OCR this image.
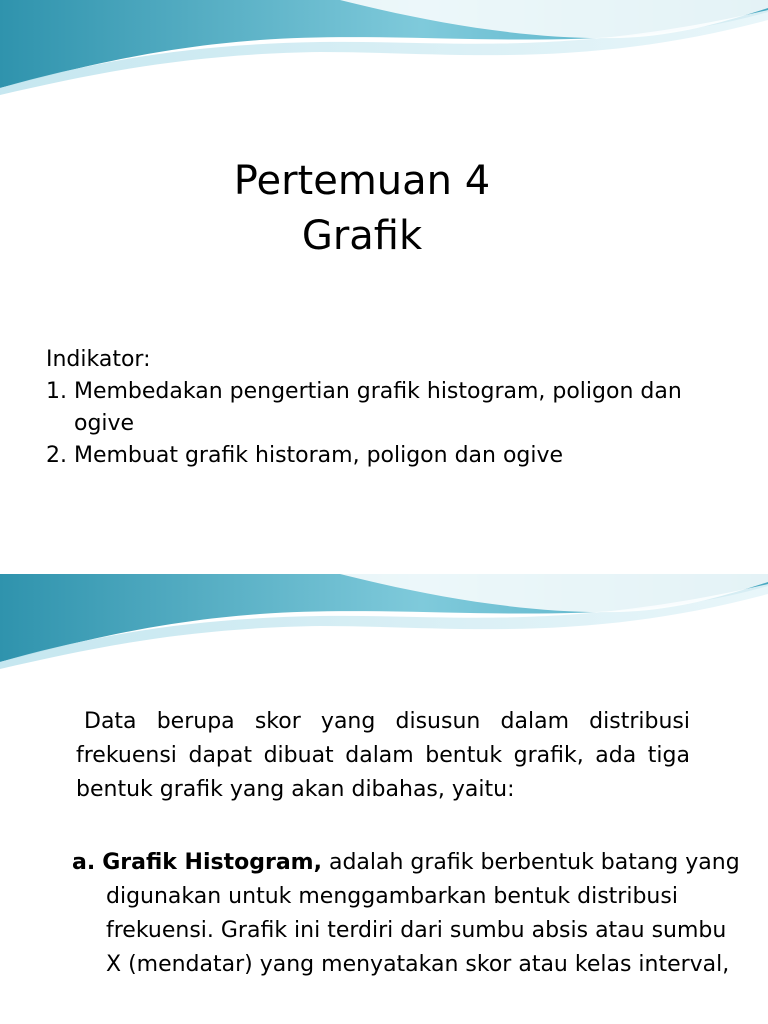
Pertemuan 4
Grafik
Indikator:
1. Membedakan pengertian grafik histogram, poligon dan ogive
2. Membuat grafik historam, poligon dan ogive
Data berupa skor yang disusun dalam distribusi frekuensi dapat dibuat dalam bentuk grafik, ada tiga bentuk grafik yang akan dibahas, yaitu:
a. Grafik Histogram, adalah grafik berbentuk batang yang digunakan untuk menggambarkan bentuk distribusi frekuensi. Grafik ini terdiri dari sumbu absis atau sumbu X (mendatar) yang menyatakan skor atau kelas interval,
